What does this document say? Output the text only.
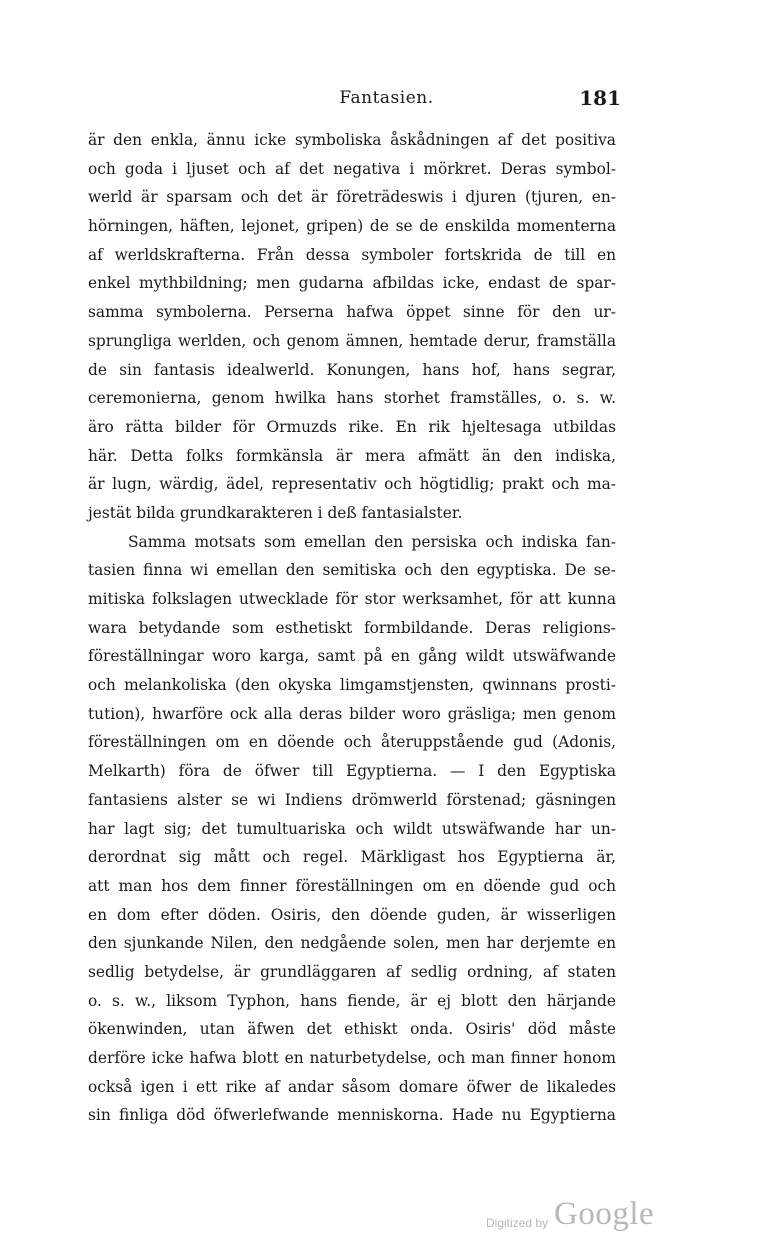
Fantasien.	181
är den enkla, ännu icke symboliska åskådningen af det positiva
och goda i ljuset och af det negativa i mörkret. Deras symbol-
werld är sparsam och det är företrädeswis i djuren (tjuren, en-
hörningen, häften, lejonet, gripen) de se de enskilda momenterna
af werldskrafterna. Från dessa symboler fortskrida de till en
enkel mythbildning; men gudarna afbildas icke, endast de spar-
samma symbolerna. Perserna hafwa öppet sinne för den ur-
sprungliga werlden, och genom ämnen, hemtade derur, framställa
de sin fantasis idealwerld. Konungen, hans hof, hans segrar,
ceremonierna, genom hwilka hans storhet framställes, o. s. w.
äro rätta bilder för Ormuzds rike. En rik hjeltesaga utbildas
här. Detta folks formkänsla är mera afmätt än den indiska,
är lugn, wärdig, ädel, representativ och högtidlig; prakt och ma-
jestät bilda grundkarakteren i deß fantasialster.
Samma motsats som emellan den persiska och indiska fan-
tasien finna wi emellan den semitiska och den egyptiska. De se-
mitiska folkslagen utwecklade för stor werksamhet, för att kunna
wara betydande som esthetiskt formbildande. Deras religions-
föreställningar woro karga, samt på en gång wildt utswäfwande
och melankoliska (den okyska limgamstjensten, qwinnans prosti-
tution), hwarföre ock alla deras bilder woro gräsliga; men genom
föreställningen om en döende och återuppstående gud (Adonis,
Melkarth) föra de öfwer till Egyptierna. — I den Egyptiska
fantasiens alster se wi Indiens drömwerld förstenad; gäsningen
har lagt sig; det tumultuariska och wildt utswäfwande har un-
derordnat sig mått och regel. Märkligast hos Egyptierna är,
att man hos dem finner föreställningen om en döende gud och
en dom efter döden. Osiris, den döende guden, är wisserligen
den sjunkande Nilen, den nedgående solen, men har derjemte en
sedlig betydelse, är grundläggaren af sedlig ordning, af staten
o. s. w., liksom Typhon, hans fiende, är ej blott den härjande
ökenwinden, utan äfwen det ethiskt onda. Osiris' död måste
derföre icke hafwa blott en naturbetydelse, och man finner honom
också igen i ett rike af andar såsom domare öfwer de likaledes
sin finliga död öfwerlefwande menniskorna. Hade nu Egyptierna
Digitized by Google
